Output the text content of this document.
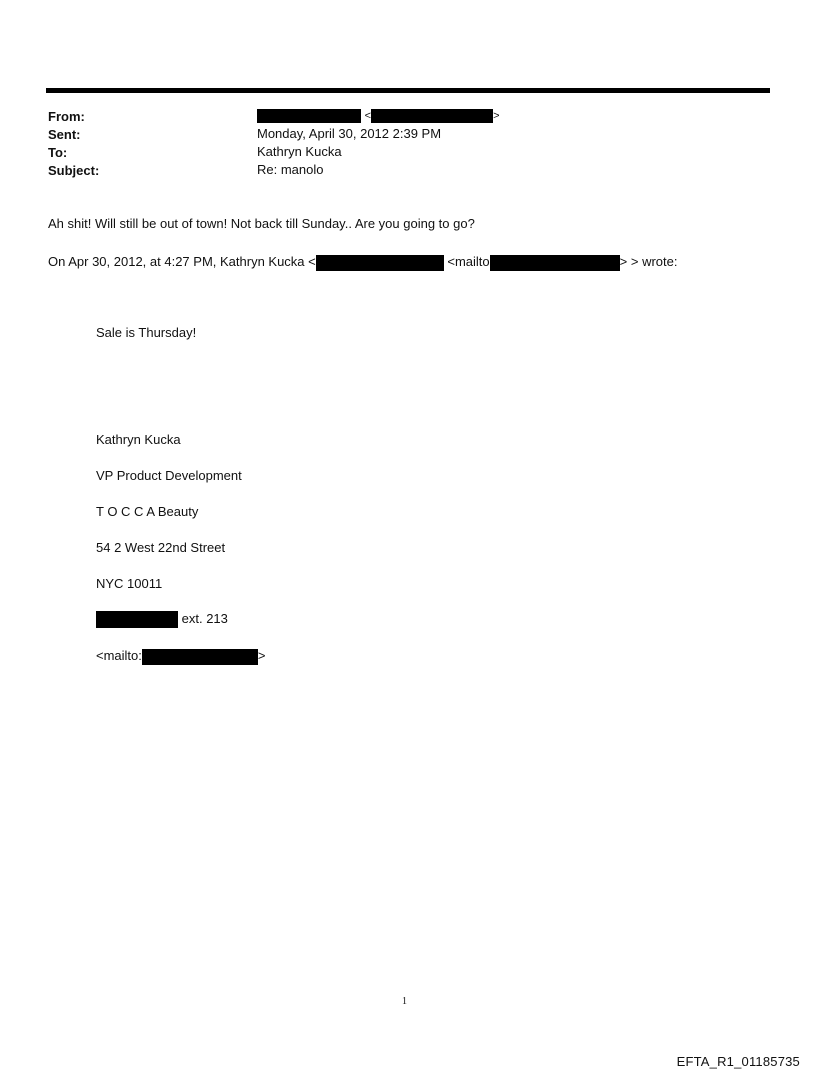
From:	<	>
Sent:	Monday, April 30, 2012 2:39 PM
To:	Kathryn Kucka
Subject:	Re: manolo
Ah shit! Will still be out of town! Not back till Sunday.. Are you going to go?
On Apr 30, 2012, at 4:27 PM, Kathryn Kucka <	<mailto	> > wrote:
Sale is Thursday!
Kathryn Kucka
VP Product Development
T O C C A Beauty
54 2 West 22nd Street
NYC 10011
ext. 213
<mailto:	>
1
EFTA_R1_01185735
